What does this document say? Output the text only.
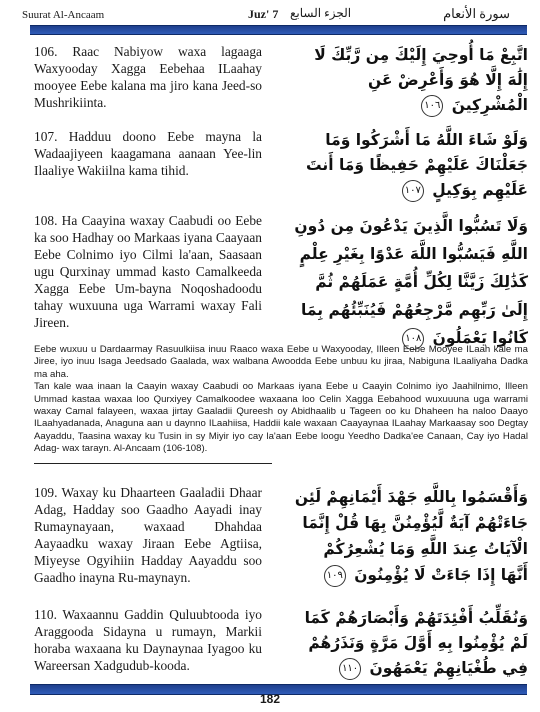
Suurat Al-Ancaam	Juz' 7 الجزء السابع	سورة الأنعام
106. Raac Nabiyow waxa lagaaga Waxyooday Xagga Eebehaa ILaahay mooyee Eebe kalana ma jiro kana Jeed-so Mushrikiinta.
اتَّبِعْ مَا أُوحِيَ إِلَيْكَ مِن رَّبِّكَ لَا إِلَٰهَ إِلَّا هُوَ وَأَعْرِضْ عَنِ الْمُشْرِكِينَ ١٠٦
107. Hadduu doono Eebe mayna la Wadaajiyeen kaagamana aanaan Yee-lin Ilaaliye Wakiilna kama tihid.
وَلَوْ شَاءَ اللَّهُ مَا أَشْرَكُوا وَمَا جَعَلْنَاكَ عَلَيْهِمْ حَفِيظًا وَمَا أَنتَ عَلَيْهِم بِوَكِيلٍ ١٠٧
108. Ha Caayina waxay Caabudi oo Eebe ka soo Hadhay oo Markaas iyana Caayaan Eebe Colnimo iyo Cilmi la'aan, Saasaan ugu Qurxinay ummad kasto Camalkeeda Xagga Eebe Um-bayna Noqoshadoodu tahay wuxuuna uga Warrami waxay Fali Jireen.
وَلَا تَسُبُّوا الَّذِينَ يَدْعُونَ مِن دُونِ اللَّهِ فَيَسُبُّوا اللَّهَ عَدْوًا بِغَيْرِ عِلْمٍ كَذَٰلِكَ زَيَّنَّا لِكُلِّ أُمَّةٍ عَمَلَهُمْ ثُمَّ إِلَىٰ رَبِّهِم مَّرْجِعُهُمْ فَيُنَبِّئُهُم بِمَا كَانُوا يَعْمَلُونَ ١٠٨

Eebe wuxuu u Dardaarmay Rasuulkiisa inuu Raaco waxa Eebe u Waxyooday, Illeen Eebe Mooyee ILaah kale ma Jiree, iyo inuu Isaga Jeedsado Gaalada, wax walbana Awoodda Eebe unbuu ku jiraa, Nabiguna ILaaliyaha Dadka ma aha.

Tan kale waa inaan la Caayin waxay Caabudi oo Markaas iyana Eebe u Caayin Colnimo iyo Jaahilnimo, Illeen Ummad kastaa waxaa loo Qurxiyey Camalkoodee waxaana loo Celin Xagga Eebahood wuxuuuna uga warrami waxay Camal falayeen, waxaa jirtay Gaaladii Qureesh oy Abidhaalib u Tageen oo ku Dhaheen ha naloo Daayo ILaahyadanada, Anaguna aan u daynno ILaahiisa, Haddii kale waxaan Caayaynaa ILaahay Markaasay soo Degtay Aayaddu, Taasina waxay ku Tusin in sy Miyir iyo cay la'aan Eebe loogu Yeedho Dadka'ee Canaan, Cay iyo Hadal Adag- wax tarayn. Al-Ancaam (106-108).

109. Waxay ku Dhaarteen Gaaladii Dhaar Adag, Hadday soo Gaadho Aayadi inay Rumaynayaan, waxaad Dhahdaa Aayaadku waxay Jiraan Eebe Agtiisa, Miyeyse Ogyihiin Hadday Aayaddu soo Gaadho inayna Ru-maynayn.
وَأَقْسَمُوا بِاللَّهِ جَهْدَ أَيْمَانِهِمْ لَئِن جَاءَتْهُمْ آيَةٌ لَّيُؤْمِنُنَّ بِهَا قُلْ إِنَّمَا الْآيَاتُ عِندَ اللَّهِ وَمَا يُشْعِرُكُمْ أَنَّهَا إِذَا جَاءَتْ لَا يُؤْمِنُونَ ١٠٩
110. Waxaannu Gaddin Quluubtooda iyo Araggooda Sidayna u rumayn, Markii horaba waxaana ku Daynaynaa Iyagoo ku Wareersan Xadgudub-kooda.
وَنُقَلِّبُ أَفْئِدَتَهُمْ وَأَبْصَارَهُمْ كَمَا لَمْ يُؤْمِنُوا بِهِ أَوَّلَ مَرَّةٍ وَنَذَرُهُمْ فِي طُغْيَانِهِمْ يَعْمَهُونَ ١١٠
182
